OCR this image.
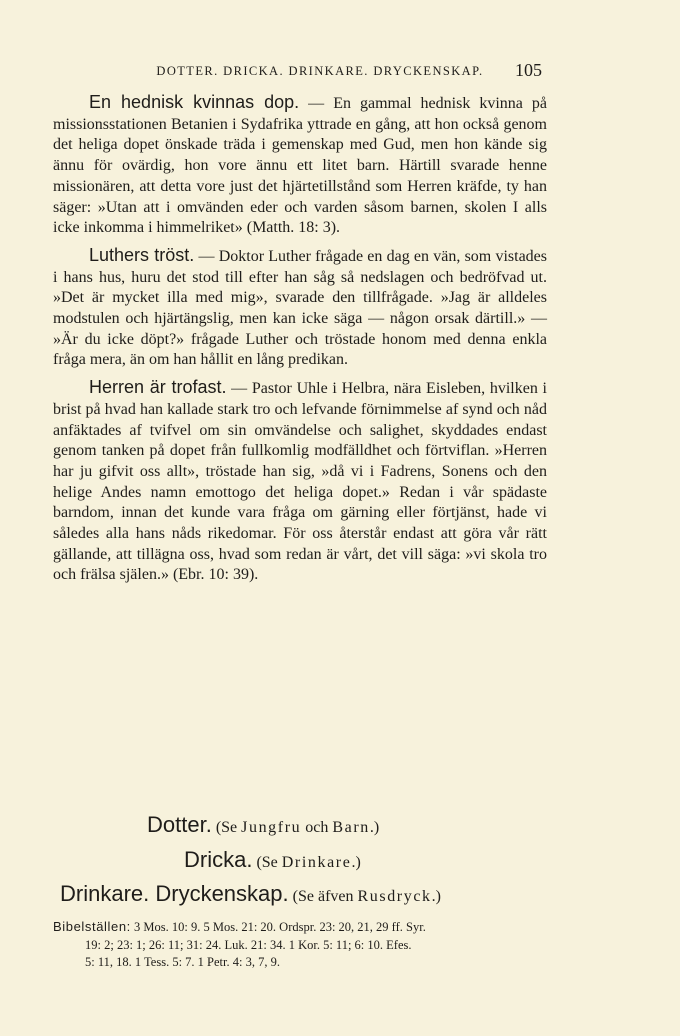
DOTTER. DRICKA. DRINKARE. DRYCKENSKAP.	105

En hednisk kvinnas dop. — En gammal hednisk kvinna på missionsstationen Betanien i Sydafrika yttrade en gång, att hon också genom det heliga dopet önskade träda i gemenskap med Gud, men hon kände sig ännu för ovärdig, hon vore ännu ett litet barn. Härtill svarade henne missionären, att detta vore just det hjärtetillstånd som Herren kräfde, ty han säger: »Utan att i omvänden eder och varden såsom barnen, skolen I alls icke inkomma i himmelriket» (Matth. 18: 3).

Luthers tröst. — Doktor Luther frågade en dag en vän, som vistades i hans hus, huru det stod till efter han såg så nedslagen och bedröfvad ut. »Det är mycket illa med mig», svarade den tillfrågade. »Jag är alldeles modstulen och hjärtängslig, men kan icke säga — någon orsak därtill.» — »Är du icke döpt?» frågade Luther och tröstade honom med denna enkla fråga mera, än om han hållit en lång predikan.

Herren är trofast. — Pastor Uhle i Helbra, nära Eisleben, hvilken i brist på hvad han kallade stark tro och lefvande förnimmelse af synd och nåd anfäktades af tvifvel om sin omvändelse och salighet, skyddades endast genom tanken på dopet från fullkomlig modfälldhet och förtviflan. »Herren har ju gifvit oss allt», tröstade han sig, »då vi i Fadrens, Sonens och den helige Andes namn emottogo det heliga dopet.» Redan i vår spädaste barndom, innan det kunde vara fråga om gärning eller förtjänst, hade vi således alla hans nåds rikedomar. För oss återstår endast att göra vår rätt gällande, att tillägna oss, hvad som redan är vårt, det vill säga: »vi skola tro och frälsa själen.» (Ebr. 10: 39).

Dotter. (Se Jungfru och Barn.)
Dricka. (Se Drinkare.)
Drinkare. Dryckenskap. (Se äfven Rusdryck.)
Bibelställen: 3 Mos. 10: 9. 5 Mos. 21: 20. Ordspr. 23: 20, 21, 29 ff. Syr.
19: 2; 23: 1; 26: 11; 31: 24. Luk. 21: 34. 1 Kor. 5: 11; 6: 10. Efes.
5: 11, 18. 1 Tess. 5: 7. 1 Petr. 4: 3, 7, 9.
